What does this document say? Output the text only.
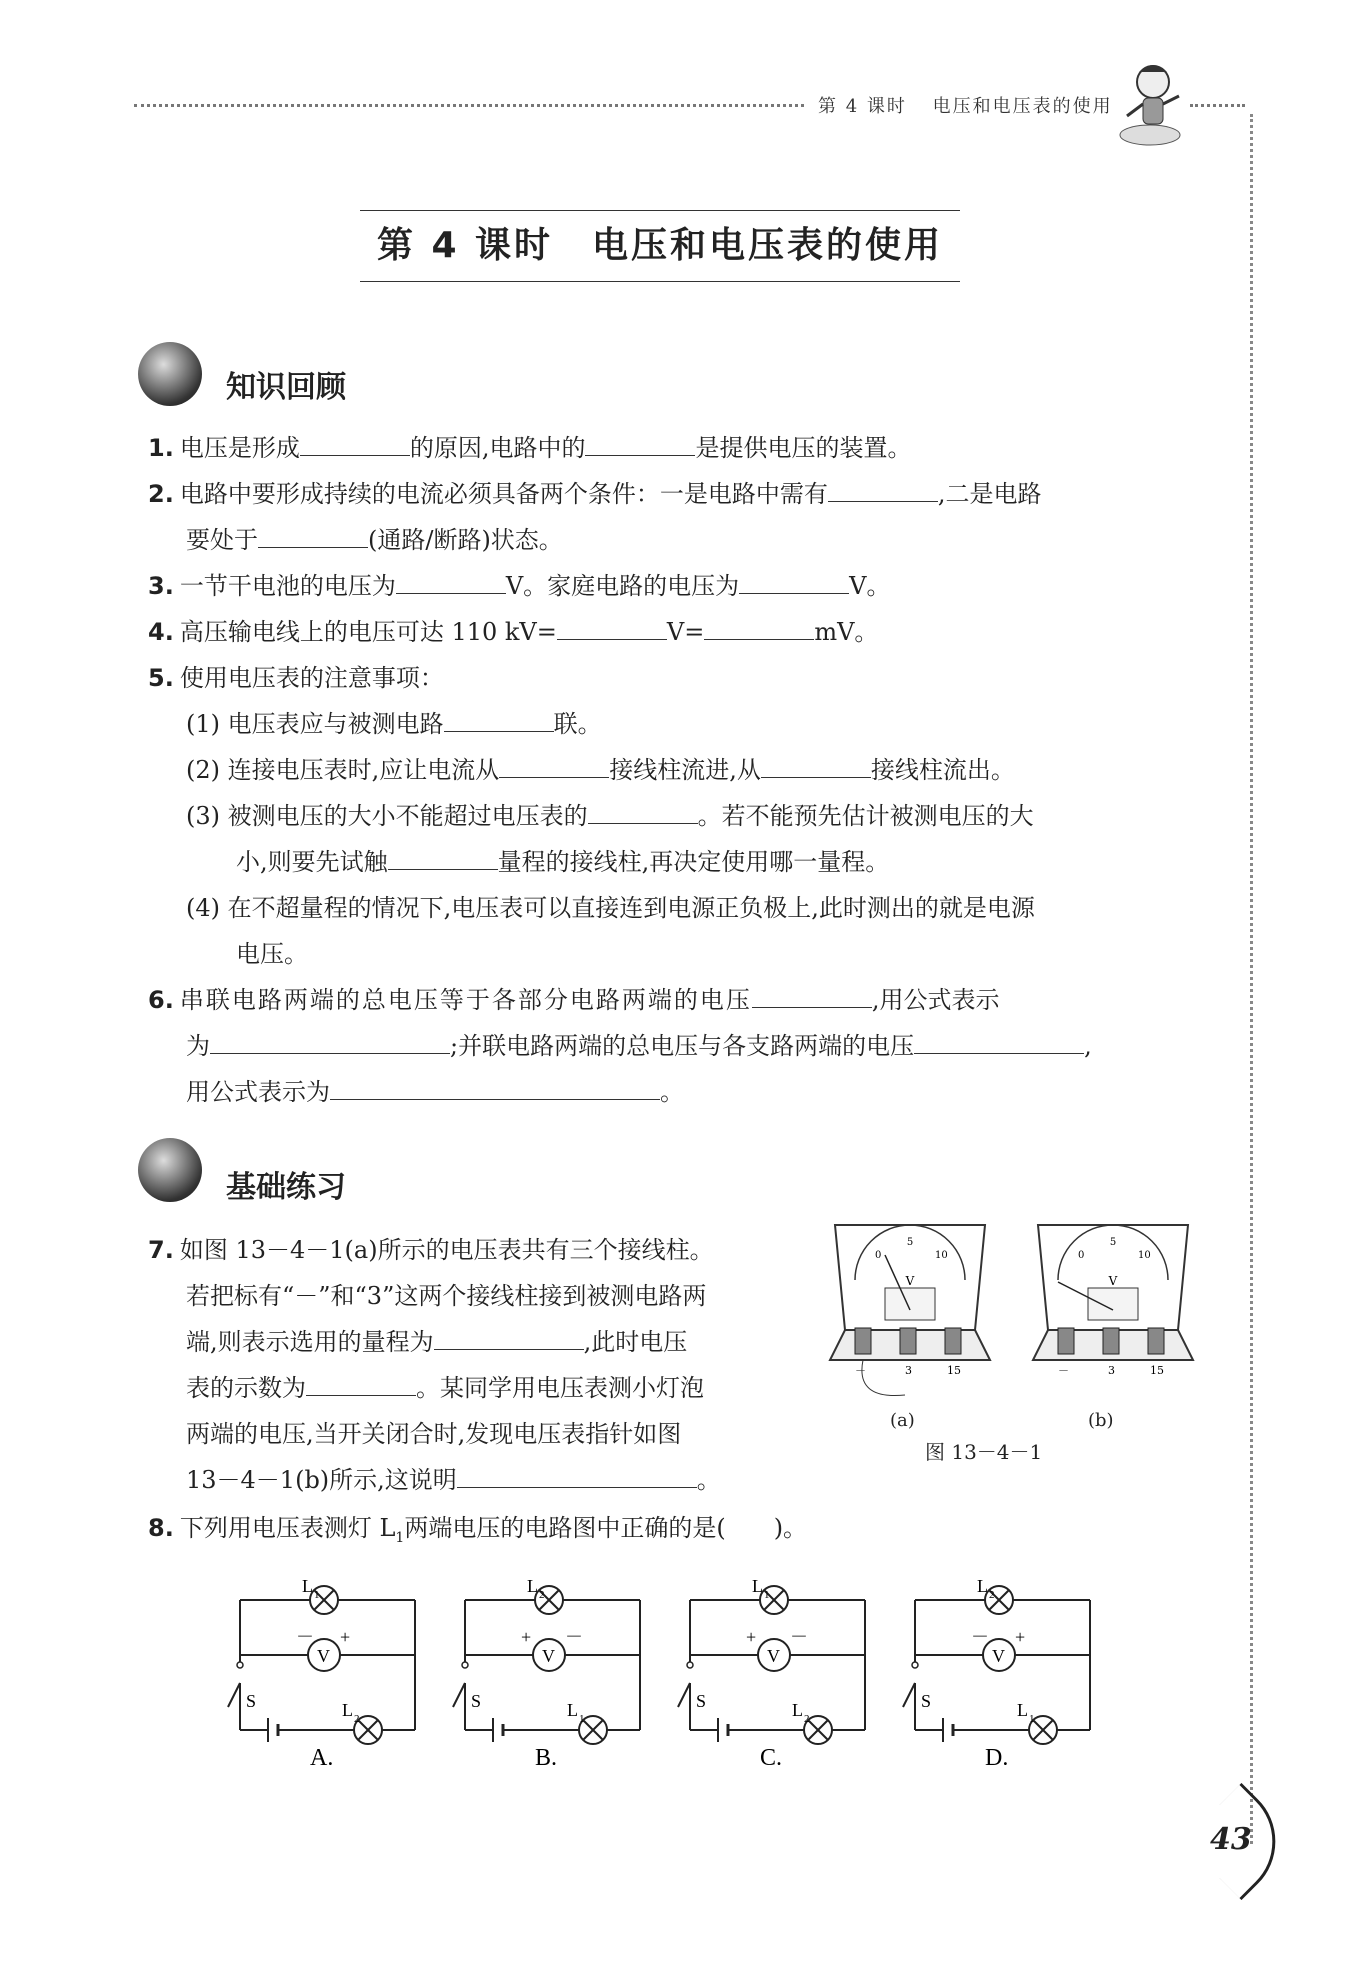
第 4 课时 电压和电压表的使用
第 4 课时　电压和电压表的使用
知识回顾
1. 电压是形成	的原因,电路中的	是提供电压的装置。
2. 电路中要形成持续的电流必须具备两个条件：一是电路中需有	,二是电路
要处于	(通路/断路)状态。
3. 一节干电池的电压为	V。家庭电路的电压为	V。
4. 高压输电线上的电压可达 110 kV=	V=	mV。
5. 使用电压表的注意事项：
(1) 电压表应与被测电路	联。
(2) 连接电压表时,应让电流从	接线柱流进,从	接线柱流出。
(3) 被测电压的大小不能超过电压表的	。若不能预先估计被测电压的大
小,则要先试触	量程的接线柱,再决定使用哪一量程。
(4) 在不超量程的情况下,电压表可以直接连到电源正负极上,此时测出的就是电源
电压。
6. 串联电路两端的总电压等于各部分电路两端的电压	,用公式表示
为	;并联电路两端的总电压与各支路两端的电压	,
用公式表示为	。
基础练习
7. 如图 13－4－1(a)所示的电压表共有三个接线柱。
若把标有“－”和“3”这两个接线柱接到被测电路两
端,则表示选用的量程为	,此时电压
表的示数为	。某同学用电压表测小灯泡
两端的电压,当开关闭合时,发现电压表指针如图
13－4－1(b)所示,这说明	。
V
5
0	10
－	3	15
V
5
0	10
－	3	15
(a)	(b)
图 13－4－1
8. 下列用电压表测灯 $L_1$两端电压的电路图中正确的是(　　)。
S
L 1
L 2
V
－ +
A.
S
L 2
L 1
V
+ －
B.
S
L 1
L 2
V
+ －
C.
S
L 2
L 1
V
－ +
D.
43
